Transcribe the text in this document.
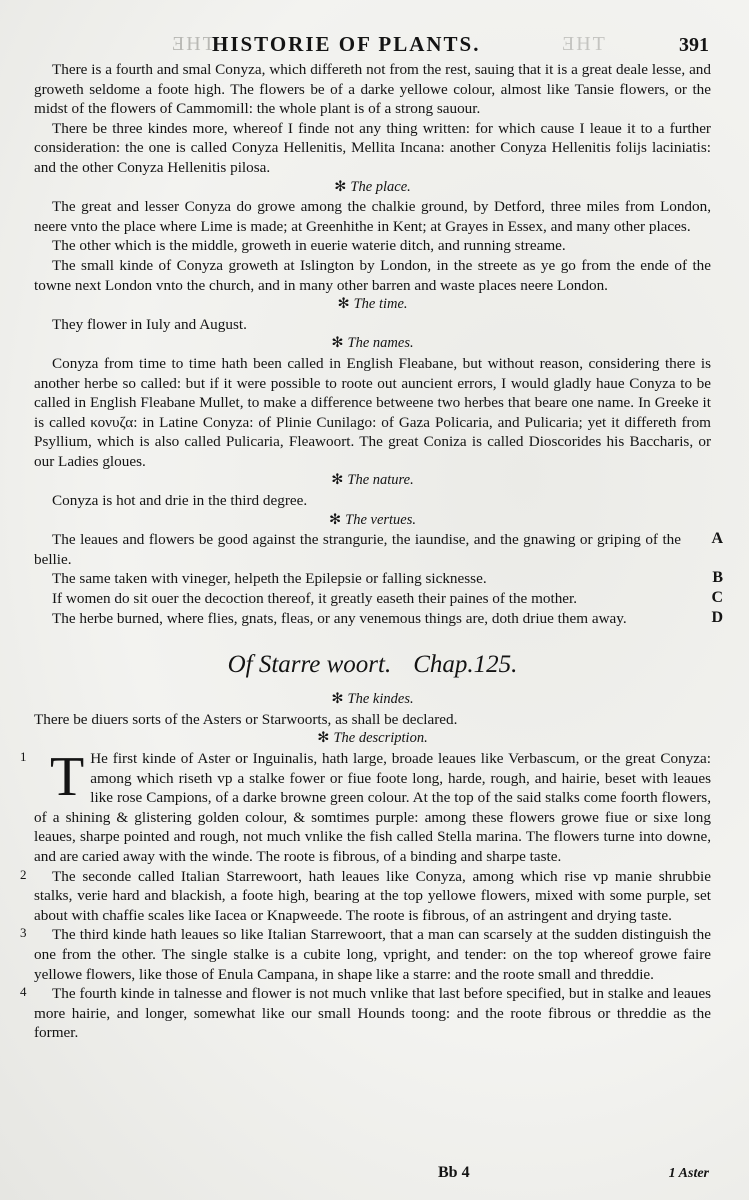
ƎHT
HISTORIE OF PLANTS.	ƎHT	391

There is a fourth and smal Conyza, which differeth not from the rest, sauing that it is a great deale lesse, and groweth seldome a foote high. The flowers be of a darke yellowe colour, almost like Tansie flowers, or the midst of the flowers of Cammomill: the whole plant is of a strong sauour.

There be three kindes more, whereof I finde not any thing written: for which cause I leaue it to a further consideration: the one is called Conyza Hellenitis, Mellita Incana: another Conyza Hellenitis folijs laciniatis: and the other Conyza Hellenitis pilosa.

✻ The place.

The great and lesser Conyza do growe among the chalkie ground, by Detford, three miles from London, neere vnto the place where Lime is made; at Greenhithe in Kent; at Grayes in Essex, and many other places.

The other which is the middle, groweth in euerie waterie ditch, and running streame.

The small kinde of Conyza groweth at Islington by London, in the streete as ye go from the ende of the towne next London vnto the church, and in many other barren and waste places neere London.

✻ The time.

They flower in Iuly and August.

✻ The names.

Conyza from time to time hath been called in English Fleabane, but without reason, considering there is another herbe so called: but if it were possible to roote out auncient errors, I would gladly haue Conyza to be called in English Fleabane Mullet, to make a difference betweene two herbes that beare one name. In Greeke it is called κονυζα: in Latine Conyza: of Plinie Cunilago: of Gaza Policaria, and Pulicaria; yet it differeth from Psyllium, which is also called Pulicaria, Fleawoort. The great Coniza is called Dioscorides his Baccharis, or our Ladies gloues.

✻ The nature.

Conyza is hot and drie in the third degree.

✻ The vertues.

The leaues and flowers be good against the strangurie, the iaundise, and the gnawing or griping of the bellie.

A

The same taken with vineger, helpeth the Epilepsie or falling sicknesse.	B

If women do sit ouer the decoction thereof, it greatly easeth their paines of the mother.	C

The herbe burned, where flies, gnats, fleas, or any venemous things are, doth driue them away.	D
Of Starre woort. Chap.125.
✻ The kindes.

There be diuers sorts of the Asters or Starwoorts, as shall be declared.

✻ The description.
1 T He first kinde of Aster or Inguinalis, hath large, broade leaues like Verbascum, or the great Conyza: among which riseth vp a stalke fower or fiue foote long, harde, rough, and hairie, beset with leaues like rose Campions, of a darke browne green colour. At the top of the said stalks come foorth flowers, of a shining & glistering golden colour, & somtimes purple: among these flowers growe fiue or sixe long leaues, sharpe pointed and rough, not much vnlike the fish called Stella marina. The flowers turne into downe, and are caried away with the winde. The roote is fibrous, of a binding and sharpe taste.

2	The seconde called Italian Starrewoort, hath leaues like Conyza, among which rise vp manie shrubbie stalks, verie hard and blackish, a foote high, bearing at the top yellowe flowers, mixed with some purple, set about with chaffie scales like Iacea or Knapweede. The roote is fibrous, of an astringent and drying taste.

3	The third kinde hath leaues so like Italian Starrewoort, that a man can scarsely at the sudden distinguish the one from the other. The single stalke is a cubite long, vpright, and tender: on the top whereof growe faire yellowe flowers, like those of Enula Campana, in shape like a starre: and the roote small and threddie.

4	The fourth kinde in talnesse and flower is not much vnlike that last before specified, but in stalke and leaues more hairie, and longer, somewhat like our small Hounds toong: and the roote fibrous or threddie as the former.

Bb 4	1 Aster
